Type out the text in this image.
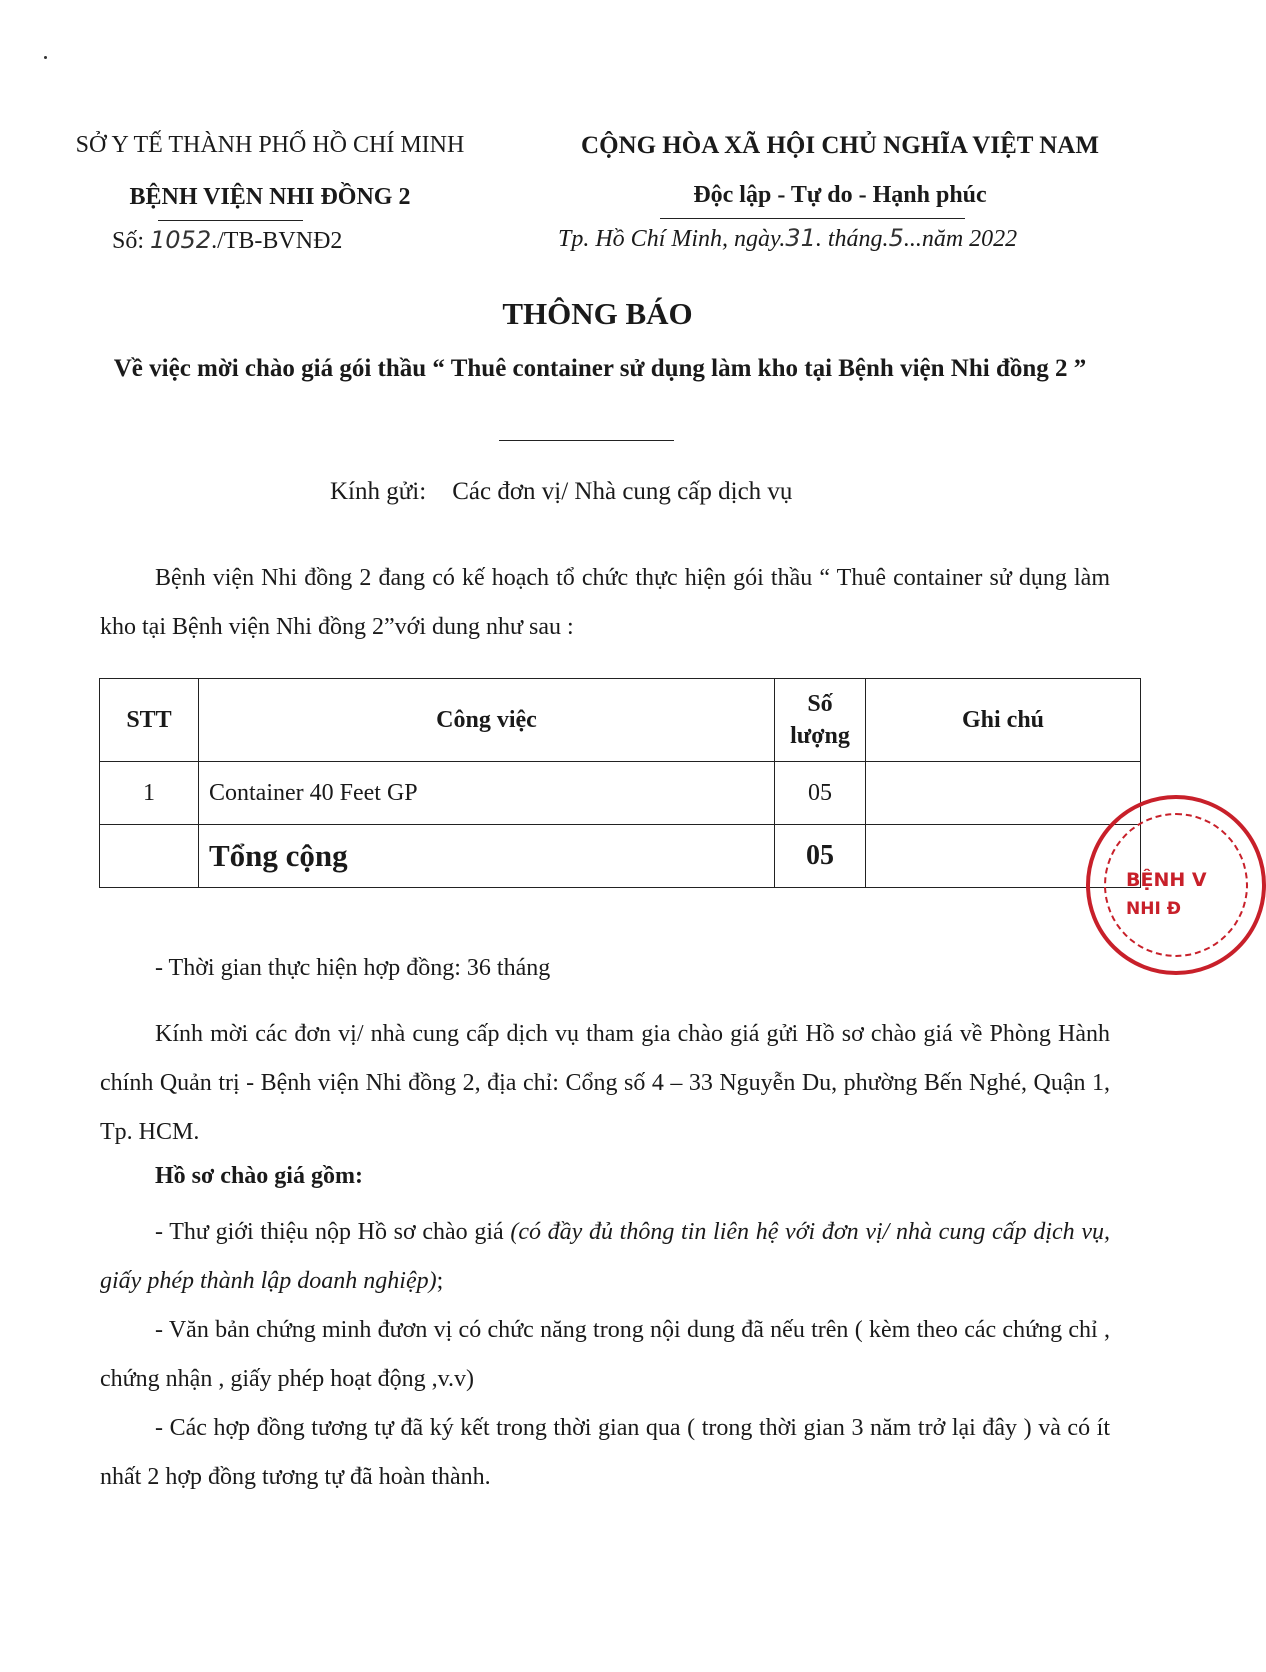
SỞ Y TẾ THÀNH PHỐ HỒ CHÍ MINH
BỆNH VIỆN NHI ĐỒNG 2
Số: 1052./TB-BVNĐ2
CỘNG HÒA XÃ HỘI CHỦ NGHĨA VIỆT NAM
Độc lập - Tự do - Hạnh phúc
Tp. Hồ Chí Minh, ngày.31. tháng.5...năm 2022
THÔNG BÁO
Về việc mời chào giá gói thầu “ Thuê container sử dụng làm kho tại Bệnh viện Nhi đồng 2 ”
Kính gửi: Các đơn vị/ Nhà cung cấp dịch vụ
Bệnh viện Nhi đồng 2 đang có kế hoạch tổ chức thực hiện gói thầu “ Thuê container sử dụng làm kho tại Bệnh viện Nhi đồng 2”với dung như sau :
STT	Công việc	Số lượng	Ghi chú
1	Container 40 Feet GP	05	
	Tổng cộng	05	
BỆNH V
NHI Đ
- Thời gian thực hiện hợp đồng: 36 tháng
Kính mời các đơn vị/ nhà cung cấp dịch vụ tham gia chào giá gửi Hồ sơ chào giá về Phòng Hành chính Quản trị - Bệnh viện Nhi đồng 2, địa chỉ: Cổng số 4 – 33 Nguyễn Du, phường Bến Nghé, Quận 1, Tp. HCM.
Hồ sơ chào giá gồm:
- Thư giới thiệu nộp Hồ sơ chào giá (có đầy đủ thông tin liên hệ với đơn vị/ nhà cung cấp dịch vụ, giấy phép thành lập doanh nghiệp);
- Văn bản chứng minh đươn vị có chức năng trong nội dung đã nếu trên ( kèm theo các chứng chỉ , chứng nhận , giấy phép hoạt động ,v.v)
- Các hợp đồng tương tự đã ký kết trong thời gian qua ( trong thời gian 3 năm trở lại đây ) và có ít nhất 2 hợp đồng tương tự đã hoàn thành.
